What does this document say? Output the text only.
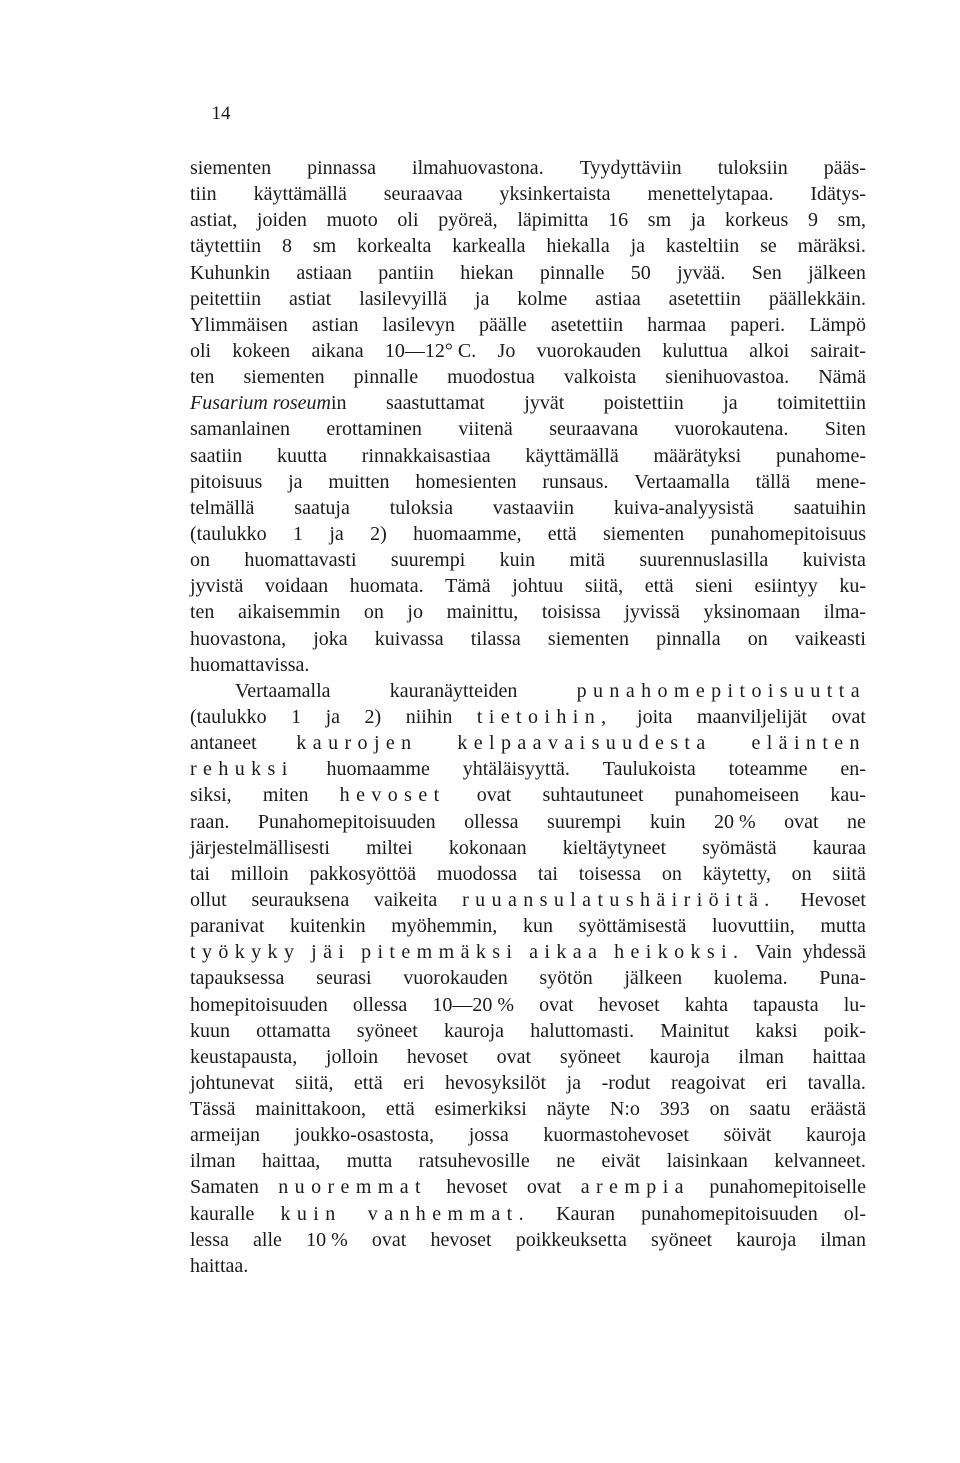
14
siementen pinnassa ilmahuovastona. Tyydyttäviin tuloksiin pääs-
tiin käyttämällä seuraavaa yksinkertaista menettelytapaa. Idätys-
astiat, joiden muoto oli pyöreä, läpimitta 16 sm ja korkeus 9 sm,
täytettiin 8 sm korkealta karkealla hiekalla ja kasteltiin se märäksi.
Kuhunkin astiaan pantiin hiekan pinnalle 50 jyvää. Sen jälkeen
peitettiin astiat lasilevyillä ja kolme astiaa asetettiin päällekkäin.
Ylimmäisen astian lasilevyn päälle asetettiin harmaa paperi. Lämpö
oli kokeen aikana 10—12° C. Jo vuorokauden kuluttua alkoi sairait-
ten siementen pinnalle muodostua valkoista sienihuovastoa. Nämä
Fusarium roseumin saastuttamat jyvät poistettiin ja toimitettiin
samanlainen erottaminen viitenä seuraavana vuorokautena. Siten
saatiin kuutta rinnakkaisastiaa käyttämällä määrätyksi punahome-
pitoisuus ja muitten homesienten runsaus. Vertaamalla tällä mene-
telmällä saatuja tuloksia vastaaviin kuiva-analyysistä saatuihin
(taulukko 1 ja 2) huomaamme, että siementen punahomepitoisuus
on huomattavasti suurempi kuin mitä suurennuslasilla kuivista
jyvistä voidaan huomata. Tämä johtuu siitä, että sieni esiintyy ku-
ten aikaisemmin on jo mainittu, toisissa jyvissä yksinomaan ilma-
huovastona, joka kuivassa tilassa siementen pinnalla on vaikeasti
huomattavissa.
Vertaamalla	kauranäytteiden	punahomepitoisuutta
(taulukko 1 ja 2) niihin tietoihin, joita maanviljelijät ovat
antaneet kaurojen kelpaavaisuudesta eläinten
rehuksi huomaamme yhtäläisyyttä. Taulukoista toteamme en-
siksi, miten hevoset ovat suhtautuneet punahomeiseen kau-
raan. Punahomepitoisuuden ollessa suurempi kuin 20 % ovat ne
järjestelmällisesti miltei kokonaan kieltäytyneet syömästä kauraa
tai milloin pakkosyöttöä muodossa tai toisessa on käytetty, on siitä
ollut seurauksena vaikeita ruuansulatushäiriöitä. Hevoset
paranivat kuitenkin myöhemmin, kun syöttämisestä luovuttiin, mutta
työkyky jäi pitemmäksi aikaa heikoksi. Vain yhdessä
tapauksessa seurasi vuorokauden syötön jälkeen kuolema. Puna-
homepitoisuuden ollessa 10—20 % ovat hevoset kahta tapausta lu-
kuun ottamatta syöneet kauroja haluttomasti. Mainitut kaksi poik-
keustapausta, jolloin hevoset ovat syöneet kauroja ilman haittaa
johtunevat siitä, että eri hevosyksilöt ja -rodut reagoivat eri tavalla.
Tässä mainittakoon, että esimerkiksi näyte N:o 393 on saatu eräästä
armeijan joukko-osastosta, jossa kuormastohevoset söivät kauroja
ilman haittaa, mutta ratsuhevosille ne eivät laisinkaan kelvanneet.
Samaten nuoremmat hevoset ovat arempia punahomepitoiselle
kauralle kuin vanhemmat. Kauran punahomepitoisuuden ol-
lessa alle 10 % ovat hevoset poikkeuksetta syöneet kauroja ilman
haittaa.
